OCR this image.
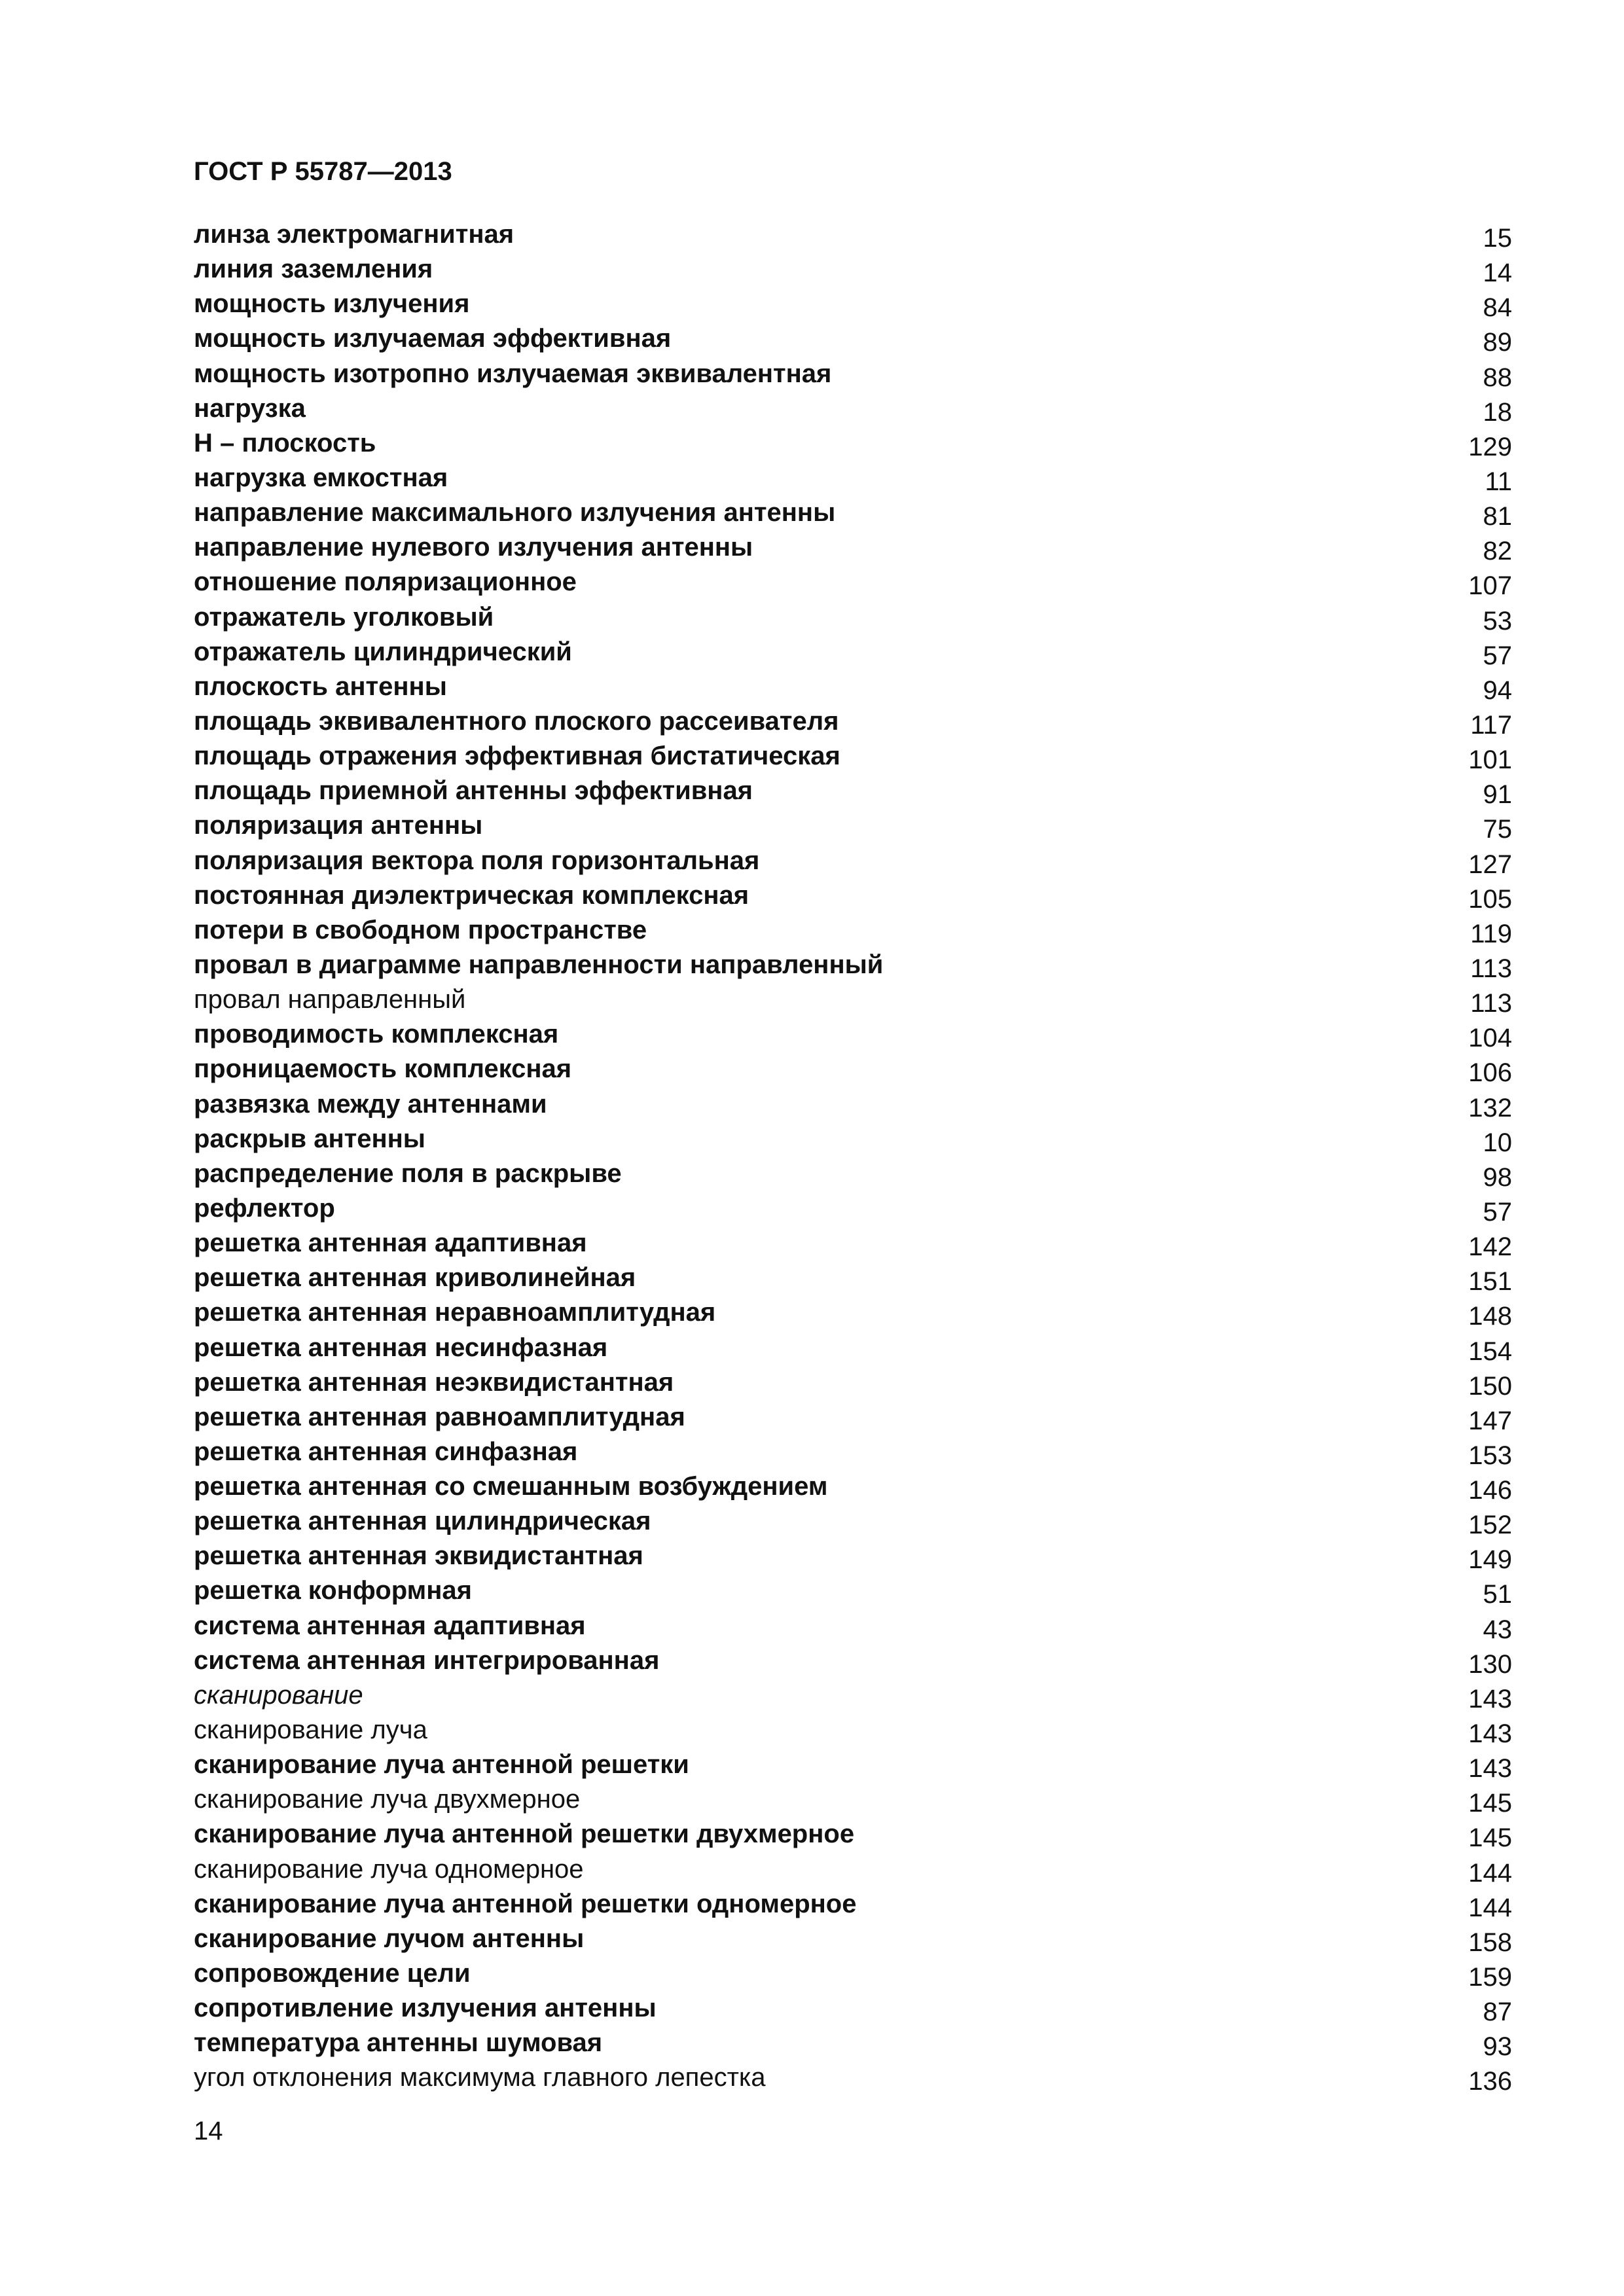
ГОСТ Р 55787—2013
линза электромагнитная	15
линия заземления	14
мощность излучения	84
мощность излучаемая эффективная	89
мощность изотропно излучаемая эквивалентная	88
нагрузка	18
H – плоскость	129
нагрузка емкостная	11
направление максимального излучения антенны	81
направление нулевого излучения антенны	82
отношение поляризационное	107
отражатель уголковый	53
отражатель цилиндрический	57
плоскость антенны	94
площадь эквивалентного плоского рассеивателя	117
площадь отражения эффективная бистатическая	101
площадь приемной антенны эффективная	91
поляризация антенны	75
поляризация вектора поля горизонтальная	127
постоянная диэлектрическая комплексная	105
потери в свободном пространстве	119
провал в диаграмме направленности направленный	113
провал направленный	113
проводимость комплексная	104
проницаемость комплексная	106
развязка между антеннами	132
раскрыв антенны	10
распределение поля в раскрыве	98
рефлектор	57
решетка антенная адаптивная	142
решетка антенная криволинейная	151
решетка антенная неравноамплитудная	148
решетка антенная несинфазная	154
решетка антенная неэквидистантная	150
решетка антенная равноамплитудная	147
решетка антенная синфазная	153
решетка антенная со смешанным возбуждением	146
решетка антенная цилиндрическая	152
решетка антенная эквидистантная	149
решетка конформная	51
система антенная адаптивная	43
система антенная интегрированная	130
сканирование	143
сканирование луча	143
сканирование луча антенной решетки	143
сканирование луча двухмерное	145
сканирование луча антенной решетки двухмерное	145
сканирование луча одномерное	144
сканирование луча антенной решетки одномерное	144
сканирование лучом антенны	158
сопровождение цели	159
сопротивление излучения антенны	87
температура антенны шумовая	93
угол отклонения максимума главного лепестка	136
14
